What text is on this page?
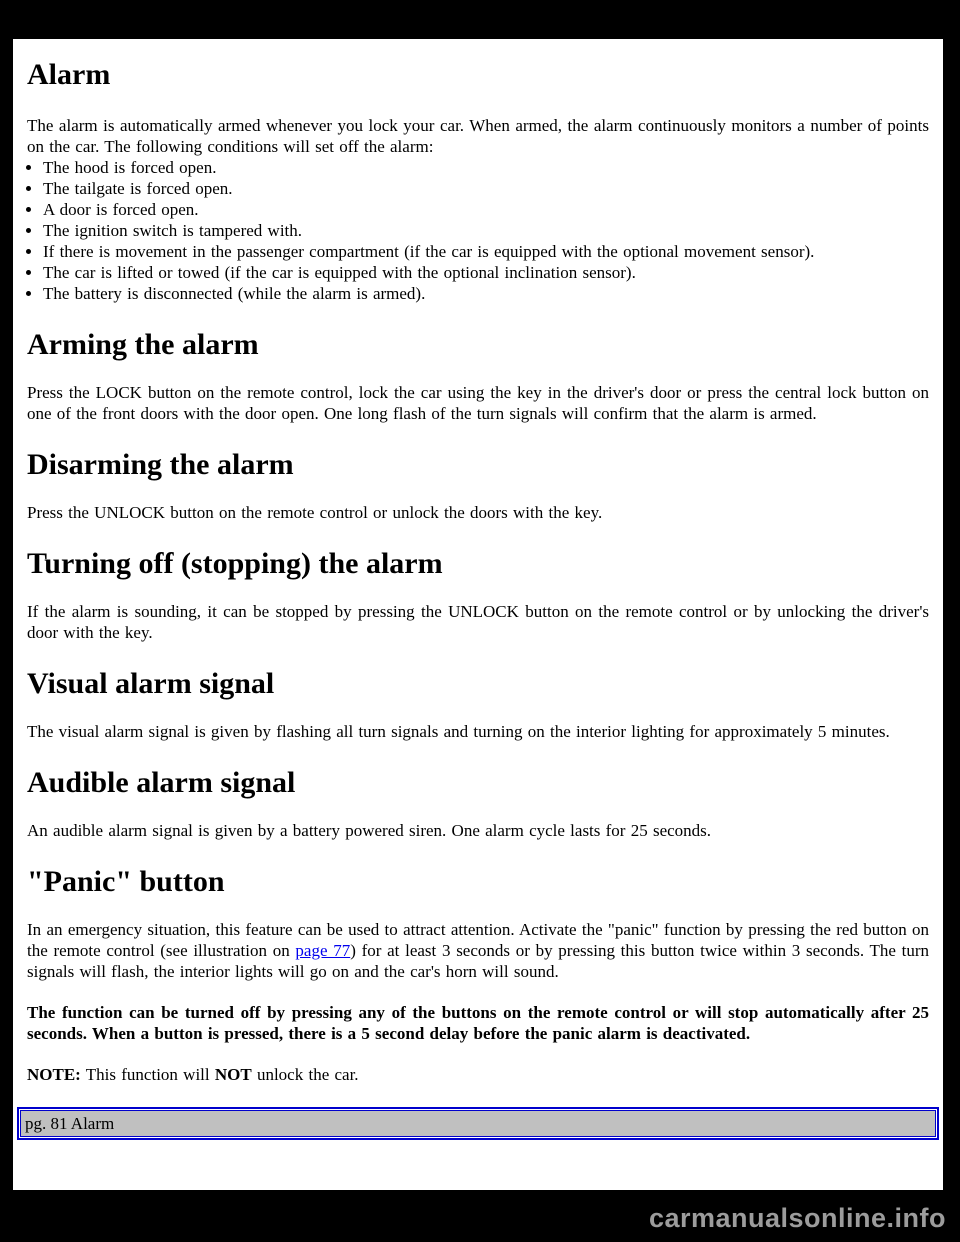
Alarm

The alarm is automatically armed whenever you lock your car. When armed, the alarm continuously monitors a number of points on the car. The following conditions will set off the alarm:

• The hood is forced open.
• The tailgate is forced open.
• A door is forced open.
• The ignition switch is tampered with.
• If there is movement in the passenger compartment (if the car is equipped with the optional movement sensor).
• The car is lifted or towed (if the car is equipped with the optional inclination sensor).
• The battery is disconnected (while the alarm is armed).
Arming the alarm

Press the LOCK button on the remote control, lock the car using the key in the driver's door or press the central lock button on one of the front doors with the door open. One long flash of the turn signals will confirm that the alarm is armed.

Disarming the alarm

Press the UNLOCK button on the remote control or unlock the doors with the key.

Turning off (stopping) the alarm

If the alarm is sounding, it can be stopped by pressing the UNLOCK button on the remote control or by unlocking the driver's door with the key.

Visual alarm signal

The visual alarm signal is given by flashing all turn signals and turning on the interior lighting for approximately 5 minutes.

Audible alarm signal

An audible alarm signal is given by a battery powered siren. One alarm cycle lasts for 25 seconds.

"Panic" button

In an emergency situation, this feature can be used to attract attention. Activate the "panic" function by pressing the red button on the remote control (see illustration on page 77) for at least 3 seconds or by pressing this button twice within 3 seconds. The turn signals will flash, the interior lights will go on and the car's horn will sound.

The function can be turned off by pressing any of the buttons on the remote control or will stop automatically after 25 seconds. When a button is pressed, there is a 5 second delay before the panic alarm is deactivated.

NOTE: This function will NOT unlock the car.

pg. 81 Alarm
carmanualsonline.info
